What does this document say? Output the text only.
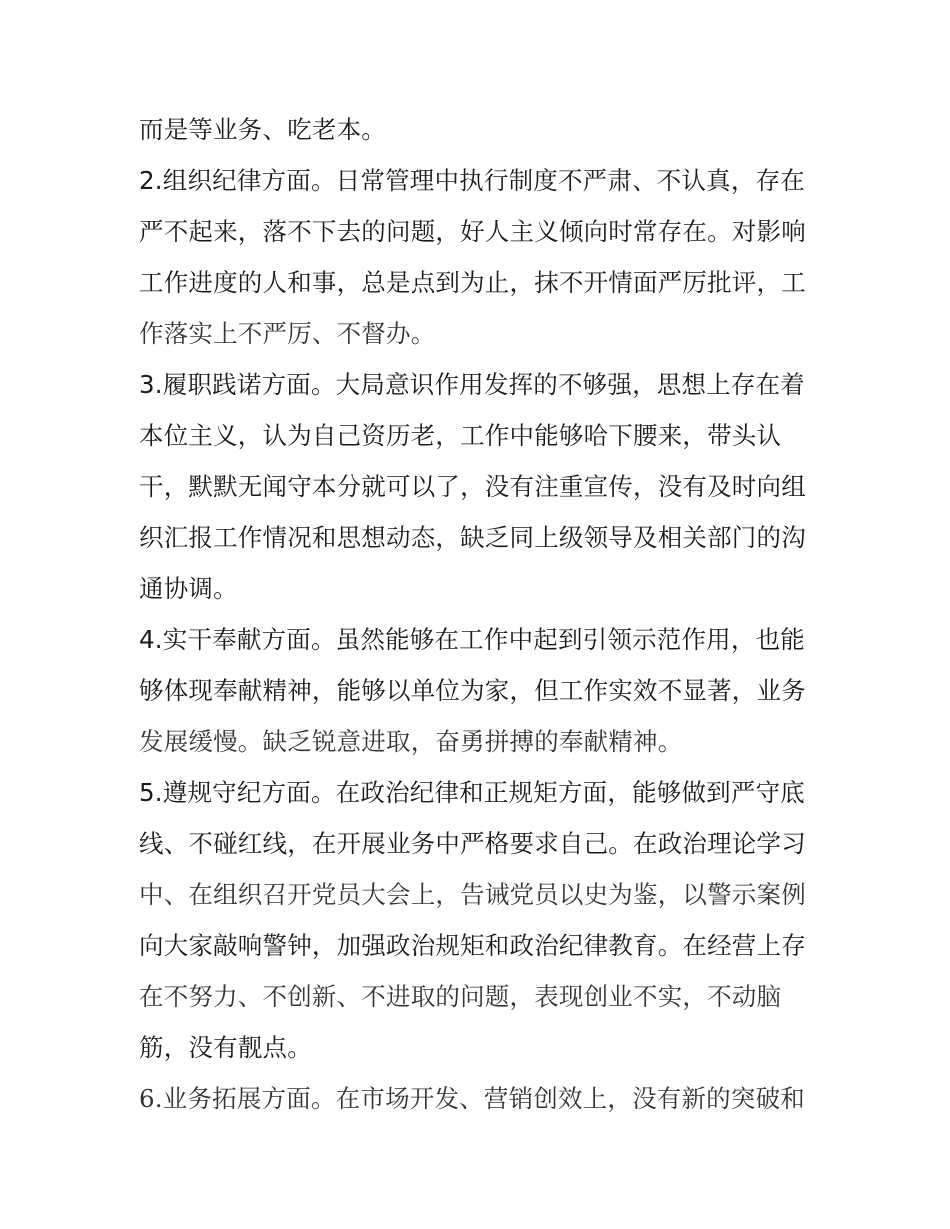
而是等业务、吃老本。
2.组织纪律方面。日常管理中执行制度不严肃、不认真，存在
严不起来，落不下去的问题，好人主义倾向时常存在。对影响
工作进度的人和事，总是点到为止，抹不开情面严厉批评，工
作落实上不严厉、不督办。
3.履职践诺方面。大局意识作用发挥的不够强，思想上存在着
本位主义，认为自己资历老，工作中能够哈下腰来，带头认
干，默默无闻守本分就可以了，没有注重宣传，没有及时向组
织汇报工作情况和思想动态，缺乏同上级领导及相关部门的沟
通协调。
4.实干奉献方面。虽然能够在工作中起到引领示范作用，也能
够体现奉献精神，能够以单位为家，但工作实效不显著，业务
发展缓慢。缺乏锐意进取，奋勇拼搏的奉献精神。
5.遵规守纪方面。在政治纪律和正规矩方面，能够做到严守底
线、不碰红线，在开展业务中严格要求自己。在政治理论学习
中、在组织召开党员大会上，告诫党员以史为鉴，以警示案例
向大家敲响警钟，加强政治规矩和政治纪律教育。在经营上存
在不努力、不创新、不进取的问题，表现创业不实，不动脑
筋，没有靓点。
6.业务拓展方面。在市场开发、营销创效上，没有新的突破和
